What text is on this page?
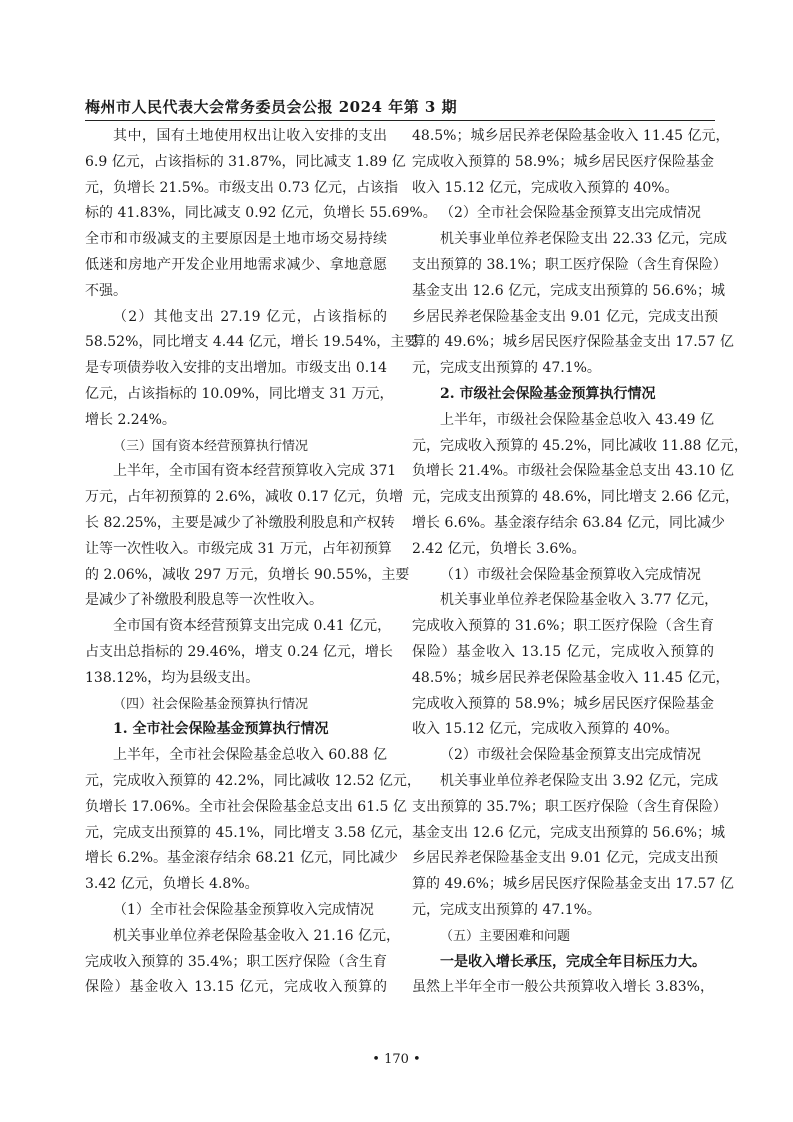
梅州市人民代表大会常务委员会公报 2024 年第 3 期
其中，国有土地使用权出让收入安排的支出
6.9 亿元，占该指标的 31.87%，同比减支 1.89 亿
元，负增长 21.5%。市级支出 0.73 亿元，占该指
标的 41.83%，同比减支 0.92 亿元，负增长 55.69%。
全市和市级减支的主要原因是土地市场交易持续
低迷和房地产开发企业用地需求减少、拿地意愿
不强。
（2）其他支出 27.19 亿元，占该指标的
58.52%，同比增支 4.44 亿元，增长 19.54%，主要
是专项债券收入安排的支出增加。市级支出 0.14
亿元，占该指标的 10.09%，同比增支 31 万元，
增长 2.24%。
（三）国有资本经营预算执行情况
上半年，全市国有资本经营预算收入完成 371
万元，占年初预算的 2.6%，减收 0.17 亿元，负增
长 82.25%，主要是减少了补缴股利股息和产权转
让等一次性收入。市级完成 31 万元，占年初预算
的 2.06%，减收 297 万元，负增长 90.55%，主要
是减少了补缴股利股息等一次性收入。
全市国有资本经营预算支出完成 0.41 亿元，
占支出总指标的 29.46%，增支 0.24 亿元，增长
138.12%，均为县级支出。
（四）社会保险基金预算执行情况
1. 全市社会保险基金预算执行情况
上半年，全市社会保险基金总收入 60.88 亿
元，完成收入预算的 42.2%，同比减收 12.52 亿元，
负增长 17.06%。全市社会保险基金总支出 61.5 亿
元，完成支出预算的 45.1%，同比增支 3.58 亿元，
增长 6.2%。基金滚存结余 68.21 亿元，同比减少
3.42 亿元，负增长 4.8%。
（1）全市社会保险基金预算收入完成情况
机关事业单位养老保险基金收入 21.16 亿元，
完成收入预算的 35.4%；职工医疗保险（含生育
保险）基金收入 13.15 亿元，完成收入预算的
48.5%；城乡居民养老保险基金收入 11.45 亿元，
完成收入预算的 58.9%；城乡居民医疗保险基金
收入 15.12 亿元，完成收入预算的 40%。
（2）全市社会保险基金预算支出完成情况
机关事业单位养老保险支出 22.33 亿元，完成
支出预算的 38.1%；职工医疗保险（含生育保险）
基金支出 12.6 亿元，完成支出预算的 56.6%；城
乡居民养老保险基金支出 9.01 亿元，完成支出预
算的 49.6%；城乡居民医疗保险基金支出 17.57 亿
元，完成支出预算的 47.1%。
2. 市级社会保险基金预算执行情况
上半年，市级社会保险基金总收入 43.49 亿
元，完成收入预算的 45.2%，同比减收 11.88 亿元，
负增长 21.4%。市级社会保险基金总支出 43.10 亿
元，完成支出预算的 48.6%，同比增支 2.66 亿元，
增长 6.6%。基金滚存结余 63.84 亿元，同比减少
2.42 亿元，负增长 3.6%。
（1）市级社会保险基金预算收入完成情况
机关事业单位养老保险基金收入 3.77 亿元，
完成收入预算的 31.6%；职工医疗保险（含生育
保险）基金收入 13.15 亿元，完成收入预算的
48.5%；城乡居民养老保险基金收入 11.45 亿元，
完成收入预算的 58.9%；城乡居民医疗保险基金
收入 15.12 亿元，完成收入预算的 40%。
（2）市级社会保险基金预算支出完成情况
机关事业单位养老保险支出 3.92 亿元，完成
支出预算的 35.7%；职工医疗保险（含生育保险）
基金支出 12.6 亿元，完成支出预算的 56.6%；城
乡居民养老保险基金支出 9.01 亿元，完成支出预
算的 49.6%；城乡居民医疗保险基金支出 17.57 亿
元，完成支出预算的 47.1%。
（五）主要困难和问题
一是收入增长承压，完成全年目标压力大。
虽然上半年全市一般公共预算收入增长 3.83%，
• 170 •
